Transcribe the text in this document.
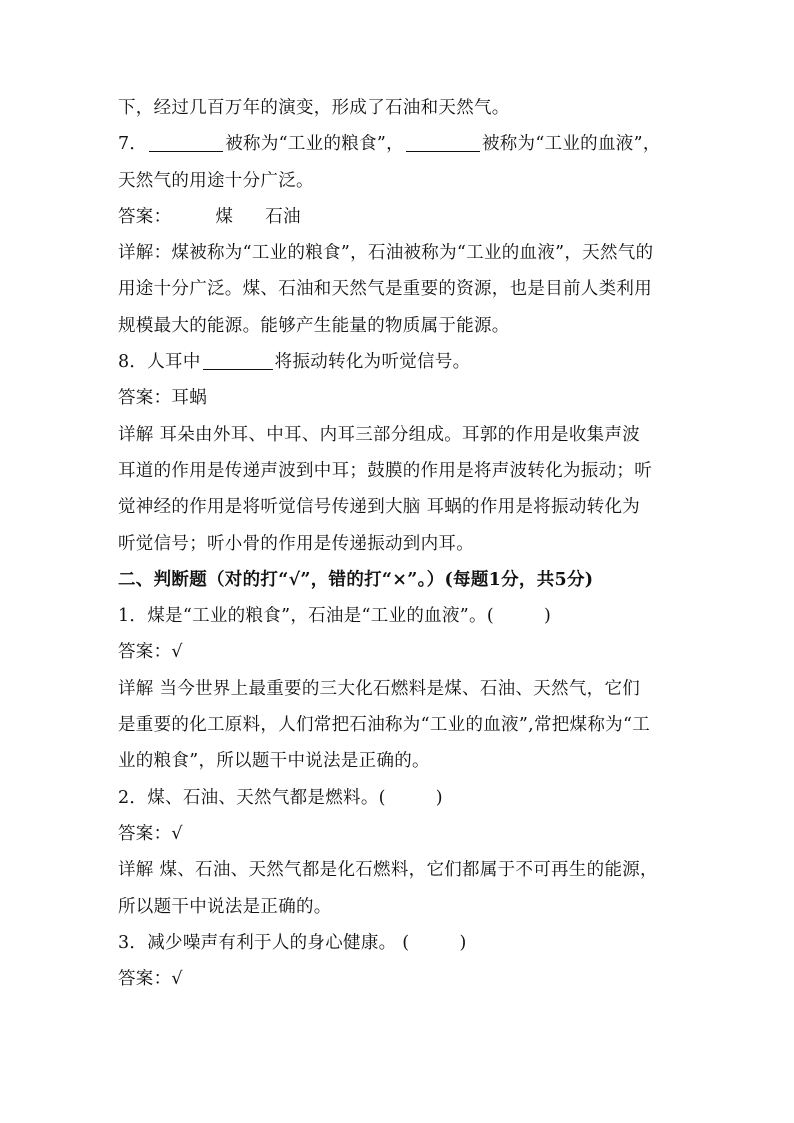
下，经过几百万年的演变，形成了石油和天然气。
7．	被称为“工业的粮食”，	被称为“工业的血液”，
天然气的用途十分广泛。
答案：	煤 石油
详解：煤被称为“工业的粮食”，石油被称为“工业的血液”，天然气的
用途十分广泛。煤、石油和天然气是重要的资源，也是目前人类利用
规模最大的能源。能够产生能量的物质属于能源。
8．人耳中	将振动转化为听觉信号。
答案：耳蜗
详解 耳朵由外耳、中耳、内耳三部分组成。耳郭的作用是收集声波
耳道的作用是传递声波到中耳；鼓膜的作用是将声波转化为振动；听
觉神经的作用是将听觉信号传递到大脑 耳蜗的作用是将振动转化为
听觉信号；听小骨的作用是传递振动到内耳。
二、判断题（对的打“√”，错的打“×”。）(每题1分，共5分)
1．煤是“工业的粮食”，石油是“工业的血液”。(	)
答案：√
详解 当今世界上最重要的三大化石燃料是煤、石油、天然气，它们
是重要的化工原料，人们常把石油称为“工业的血液”,常把煤称为“工
业的粮食”，所以题干中说法是正确的。
2．煤、石油、天然气都是燃料。(	)
答案：√
详解 煤、石油、天然气都是化石燃料，它们都属于不可再生的能源，
所以题干中说法是正确的。
3．减少噪声有利于人的身心健康。 (	)
答案：√
